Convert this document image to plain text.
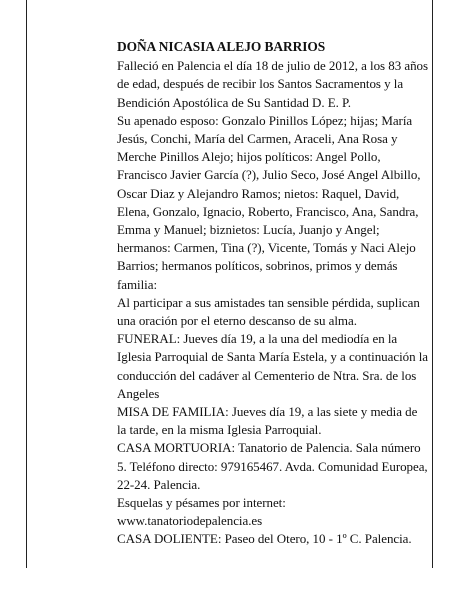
DOÑA NICASIA ALEJO BARRIOS

Falleció en Palencia el día 18 de julio de 2012, a los 83 años de edad, después de recibir los Santos Sacramentos y la Bendición Apostólica de Su Santidad D. E. P.

Su apenado esposo: Gonzalo Pinillos López; hijas; María Jesús, Conchi, María del Carmen, Araceli, Ana Rosa y Merche Pinillos Alejo; hijos políticos: Angel Pollo, Francisco Javier García (?), Julio Seco, José Angel Albillo, Oscar Diaz y Alejandro Ramos; nietos: Raquel, David, Elena, Gonzalo, Ignacio, Roberto, Francisco, Ana, Sandra, Emma y Manuel; biznietos: Lucía, Juanjo y Angel; hermanos: Carmen, Tina (?), Vicente, Tomás y Naci Alejo Barrios; hermanos políticos, sobrinos, primos y demás familia:

Al participar a sus amistades tan sensible pérdida, suplican una oración por el eterno descanso de su alma.

FUNERAL: Jueves día 19, a la una del mediodía en la Iglesia Parroquial de Santa María Estela, y a continuación la conducción del cadáver al Cementerio de Ntra. Sra. de los Angeles

MISA DE FAMILIA: Jueves día 19, a las siete y media de la tarde, en la misma Iglesia Parroquial.

CASA MORTUORIA: Tanatorio de Palencia. Sala número 5. Teléfono directo: 979165467. Avda. Comunidad Europea, 22-24. Palencia.

Esquelas y pésames por internet: www.tanatoriodepalencia.es

CASA DOLIENTE: Paseo del Otero, 10 - 1º C. Palencia.
